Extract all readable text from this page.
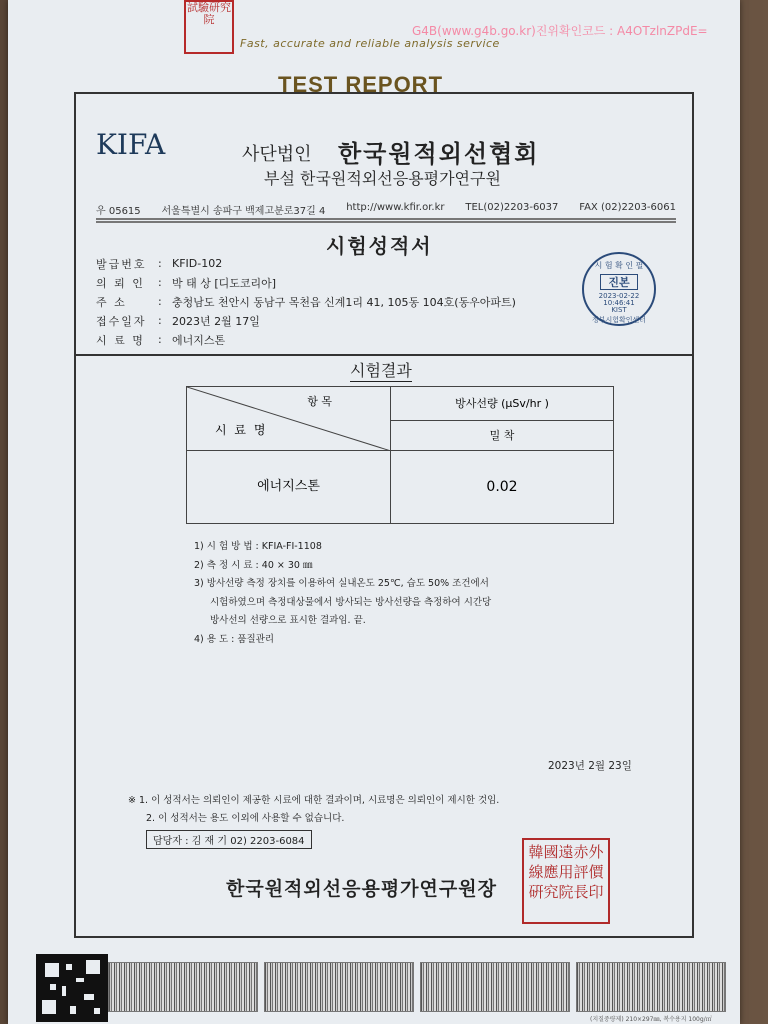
試驗研究院
Fast, accurate and reliable analysis service
G4B(www.g4b.go.kr)진위확인코드 : A4OTzlnZPdE=
TEST REPORT
KIFA	사단법인 한국원적외선협회
부설 한국원적외선응용평가연구원
우 05615 서울특별시 송파구 백제고분로37길 4 http://www.kfir.or.kr TEL(02)2203-6037 FAX (02)2203-6061
시험성적서
발급번호	: KFID-102
의 뢰 인	: 박 태 상 [디도코리아]
주 소	: 충청남도 천안시 동남구 목천읍 신계1리 41, 105동 104호(동우아파트)
접수일자	: 2023년 2월 17일
시 료 명	: 에너지스톤
시 험 확 인 필
진본
2023-02-22
10:46:41
KIST
정부시험확인센터
시험결과
항 목
시 료 명
방사선량 (μSv/hr )
밀 착
에너지스톤	0.02
1) 시 험 방 법 : KFIA-FI-1108
2) 측 정 시 료 : 40 × 30 ㎜
3) 방사선량 측정 장치를 이용하여 실내온도 25℃, 습도 50% 조건에서
시험하였으며 측정대상물에서 방사되는 방사선량을 측정하여 시간당
방사선의 선량으로 표시한 결과임. 끝.
4) 용 도 : 품질관리
2023년 2월 23일
※ 1. 이 성적서는 의뢰인이 제공한 시료에 대한 결과이며, 시료명은 의뢰인이 제시한 것임.
2. 이 성적서는 용도 이외에 사용할 수 없습니다.
담당자 : 김 재 기 02) 2203-6084
한국원적외선응용평가연구원장
韓國遠赤外線應用評價硏究院長印
(지질중량제) 210×297㎜, 복수용지 100g/㎡
